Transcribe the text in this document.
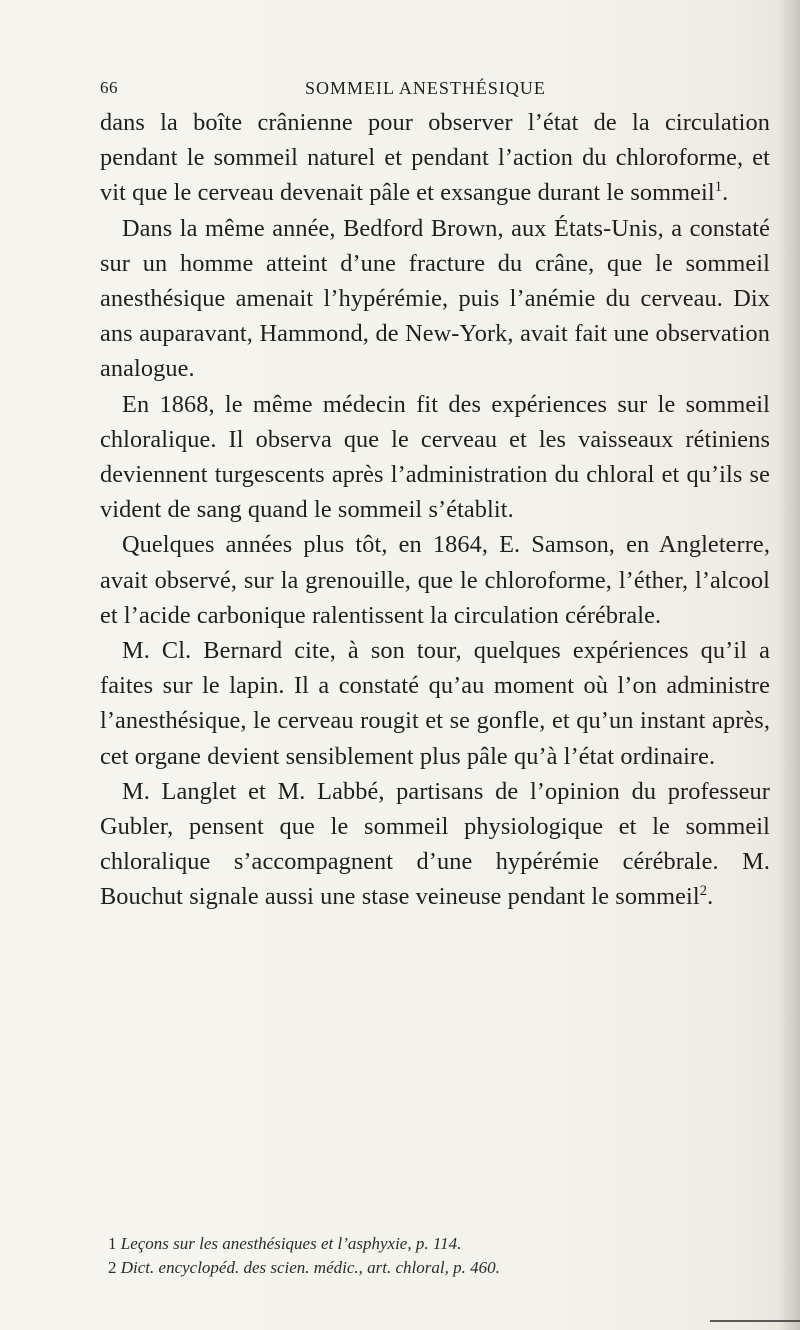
66	SOMMEIL ANESTHÉSIQUE

dans la boîte crânienne pour observer l’état de la circulation pendant le sommeil naturel et pendant l’action du chloroforme, et vit que le cerveau devenait pâle et exsangue durant le sommeil$^1$.

Dans la même année, Bedford Brown, aux États-Unis, a constaté sur un homme atteint d’une fracture du crâne, que le sommeil anesthésique amenait l’hypérémie, puis l’anémie du cerveau. Dix ans auparavant, Hammond, de New-York, avait fait une observation analogue.

En 1868, le même médecin fit des expériences sur le sommeil chloralique. Il observa que le cerveau et les vaisseaux rétiniens deviennent turgescents après l’administration du chloral et qu’ils se vident de sang quand le sommeil s’établit.

Quelques années plus tôt, en 1864, E. Samson, en Angleterre, avait observé, sur la grenouille, que le chloroforme, l’éther, l’alcool et l’acide carbonique ralentissent la circulation cérébrale.

M. Cl. Bernard cite, à son tour, quelques expériences qu’il a faites sur le lapin. Il a constaté qu’au moment où l’on administre l’anesthésique, le cerveau rougit et se gonfle, et qu’un instant après, cet organe devient sensiblement plus pâle qu’à l’état ordinaire.

M. Langlet et M. Labbé, partisans de l’opinion du professeur Gubler, pensent que le sommeil physiologique et le sommeil chloralique s’accompagnent d’une hypérémie cérébrale. M. Bouchut signale aussi une stase veineuse pendant le sommeil$^2$.

1 Leçons sur les anesthésiques et l’asphyxie, p. 114.

2 Dict. encyclopéd. des scien. médic., art. chloral, p. 460.
